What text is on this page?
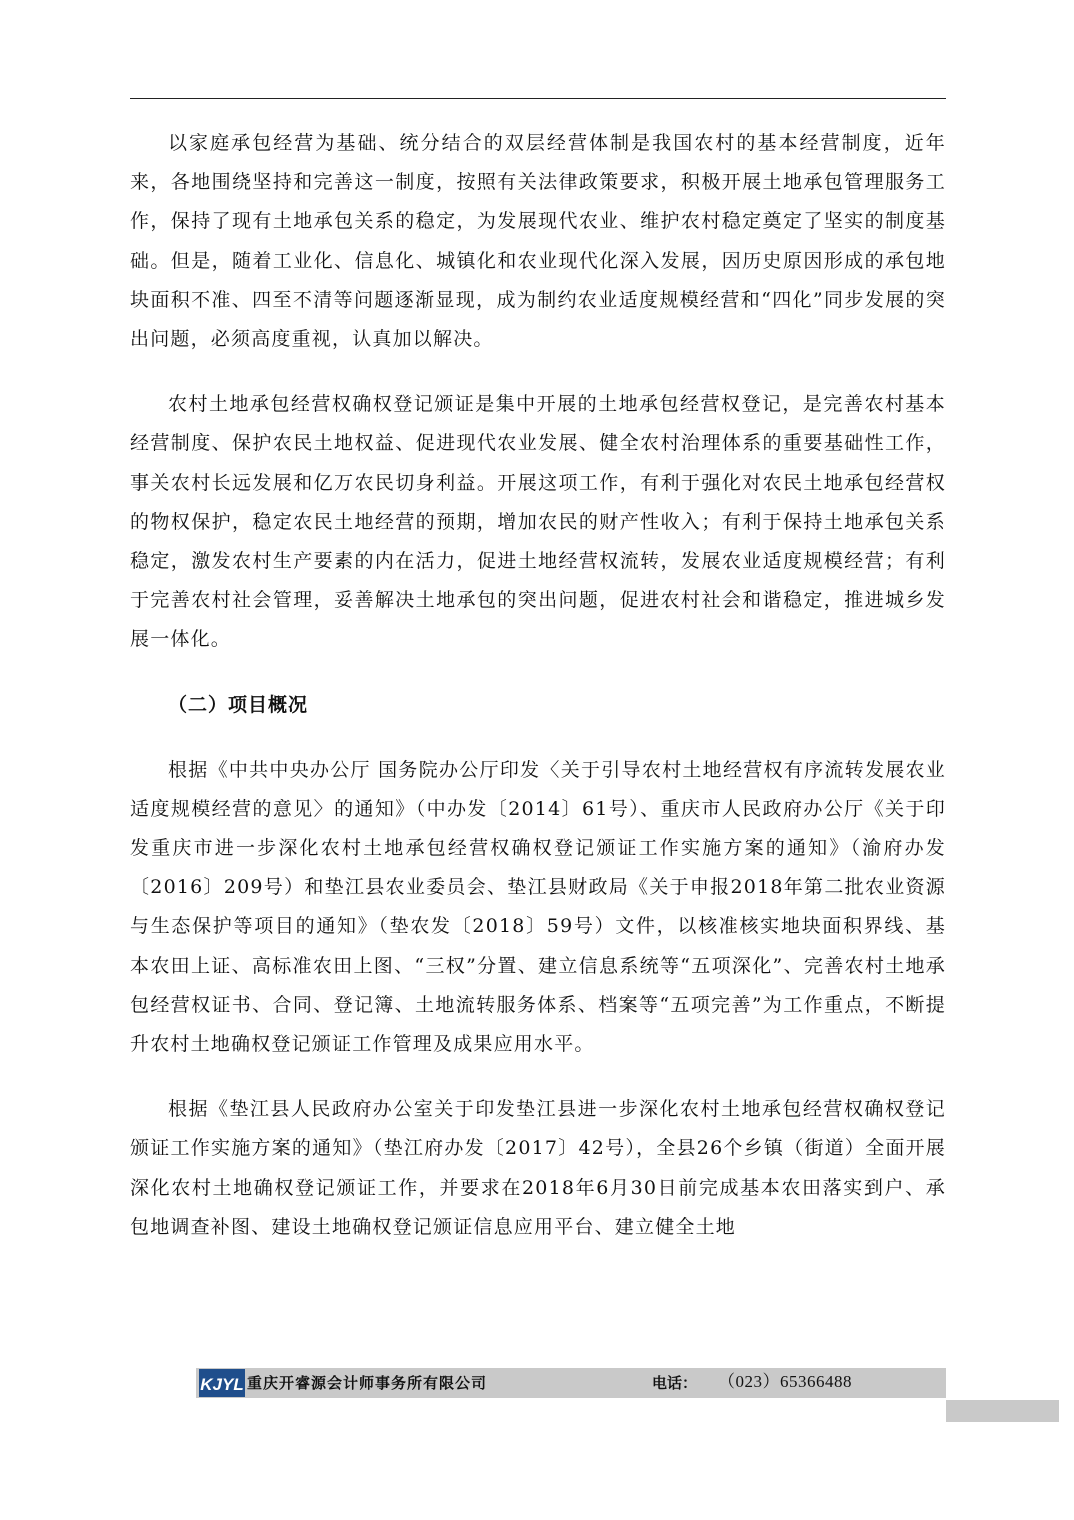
以家庭承包经营为基础、统分结合的双层经营体制是我国农村的基本经营制度，近年来，各地围绕坚持和完善这一制度，按照有关法律政策要求，积极开展土地承包管理服务工作，保持了现有土地承包关系的稳定，为发展现代农业、维护农村稳定奠定了坚实的制度基础。但是，随着工业化、信息化、城镇化和农业现代化深入发展，因历史原因形成的承包地块面积不准、四至不清等问题逐渐显现，成为制约农业适度规模经营和“四化”同步发展的突出问题，必须高度重视，认真加以解决。

农村土地承包经营权确权登记颁证是集中开展的土地承包经营权登记，是完善农村基本经营制度、保护农民土地权益、促进现代农业发展、健全农村治理体系的重要基础性工作，事关农村长远发展和亿万农民切身利益。开展这项工作，有利于强化对农民土地承包经营权的物权保护，稳定农民土地经营的预期，增加农民的财产性收入；有利于保持土地承包关系稳定，激发农村生产要素的内在活力，促进土地经营权流转，发展农业适度规模经营；有利于完善农村社会管理，妥善解决土地承包的突出问题，促进农村社会和谐稳定，推进城乡发展一体化。

（二）项目概况

根据《中共中央办公厅 国务院办公厅印发〈关于引导农村土地经营权有序流转发展农业适度规模经营的意见〉的通知》（中办发〔2014〕61号）、重庆市人民政府办公厅《关于印发重庆市进一步深化农村土地承包经营权确权登记颁证工作实施方案的通知》（渝府办发〔2016〕209号）和垫江县农业委员会、垫江县财政局《关于申报2018年第二批农业资源与生态保护等项目的通知》（垫农发〔2018〕59号）文件，以核准核实地块面积界线、基本农田上证、高标准农田上图、“三权”分置、建立信息系统等“五项深化”、完善农村土地承包经营权证书、合同、登记簿、土地流转服务体系、档案等“五项完善”为工作重点，不断提升农村土地确权登记颁证工作管理及成果应用水平。

根据《垫江县人民政府办公室关于印发垫江县进一步深化农村土地承包经营权确权登记颁证工作实施方案的通知》（垫江府办发〔2017〕42号），全县26个乡镇（街道）全面开展深化农村土地确权登记颁证工作，并要求在2018年6月30日前完成基本农田落实到户、承包地调查补图、建设土地确权登记颁证信息应用平台、建立健全土地

KJYL 重庆开睿源会计师事务所有限公司	电话： （023）65366488
